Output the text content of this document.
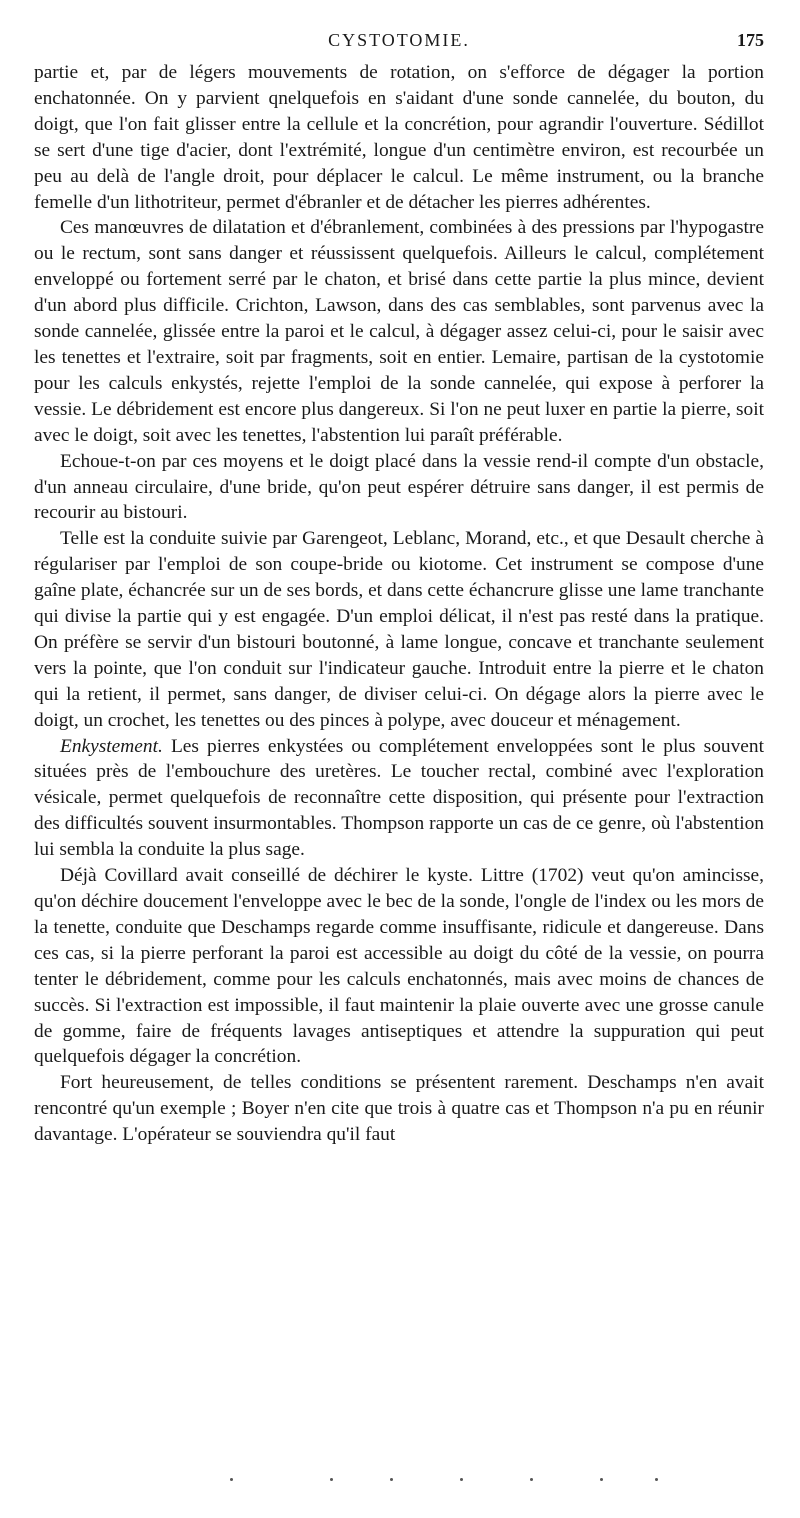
CYSTOTOMIE.	175

partie et, par de légers mouvements de rotation, on s'efforce de dégager la portion enchatonnée. On y parvient qnelquefois en s'aidant d'une sonde cannelée, du bouton, du doigt, que l'on fait glisser entre la cellule et la concrétion, pour agrandir l'ouverture. Sédillot se sert d'une tige d'acier, dont l'extrémité, longue d'un centimètre environ, est recourbée un peu au delà de l'angle droit, pour déplacer le calcul. Le même instrument, ou la branche femelle d'un lithotriteur, permet d'ébranler et de détacher les pierres adhérentes.

Ces manœuvres de dilatation et d'ébranlement, combinées à des pressions par l'hypogastre ou le rectum, sont sans danger et réussissent quelquefois. Ailleurs le calcul, complétement enveloppé ou fortement serré par le chaton, et brisé dans cette partie la plus mince, devient d'un abord plus difficile. Crichton, Lawson, dans des cas semblables, sont parvenus avec la sonde cannelée, glissée entre la paroi et le calcul, à dégager assez celui-ci, pour le saisir avec les tenettes et l'extraire, soit par fragments, soit en entier. Lemaire, partisan de la cystotomie pour les calculs enkystés, rejette l'emploi de la sonde cannelée, qui expose à perforer la vessie. Le débridement est encore plus dangereux. Si l'on ne peut luxer en partie la pierre, soit avec le doigt, soit avec les tenettes, l'abstention lui paraît préférable.

Echoue-t-on par ces moyens et le doigt placé dans la vessie rend-il compte d'un obstacle, d'un anneau circulaire, d'une bride, qu'on peut espérer détruire sans danger, il est permis de recourir au bistouri.

Telle est la conduite suivie par Garengeot, Leblanc, Morand, etc., et que Desault cherche à régulariser par l'emploi de son coupe-bride ou kiotome. Cet instrument se compose d'une gaîne plate, échancrée sur un de ses bords, et dans cette échancrure glisse une lame tranchante qui divise la partie qui y est engagée. D'un emploi délicat, il n'est pas resté dans la pratique. On préfère se servir d'un bistouri boutonné, à lame longue, concave et tranchante seulement vers la pointe, que l'on conduit sur l'indicateur gauche. Introduit entre la pierre et le chaton qui la retient, il permet, sans danger, de diviser celui-ci. On dégage alors la pierre avec le doigt, un crochet, les tenettes ou des pinces à polype, avec douceur et ménagement.

Enkystement. Les pierres enkystées ou complétement enveloppées sont le plus souvent situées près de l'embouchure des uretères. Le toucher rectal, combiné avec l'exploration vésicale, permet quelquefois de reconnaître cette disposition, qui présente pour l'extraction des difficultés souvent insurmontables. Thompson rapporte un cas de ce genre, où l'abstention lui sembla la conduite la plus sage.

Déjà Covillard avait conseillé de déchirer le kyste. Littre (1702) veut qu'on amincisse, qu'on déchire doucement l'enveloppe avec le bec de la sonde, l'ongle de l'index ou les mors de la tenette, conduite que Deschamps regarde comme insuffisante, ridicule et dangereuse. Dans ces cas, si la pierre perforant la paroi est accessible au doigt du côté de la vessie, on pourra tenter le débridement, comme pour les calculs enchatonnés, mais avec moins de chances de succès. Si l'extraction est impossible, il faut maintenir la plaie ouverte avec une grosse canule de gomme, faire de fréquents lavages antiseptiques et attendre la suppuration qui peut quelquefois dégager la concrétion.

Fort heureusement, de telles conditions se présentent rarement. Deschamps n'en avait rencontré qu'un exemple ; Boyer n'en cite que trois à quatre cas et Thompson n'a pu en réunir davantage. L'opérateur se souviendra qu'il faut
